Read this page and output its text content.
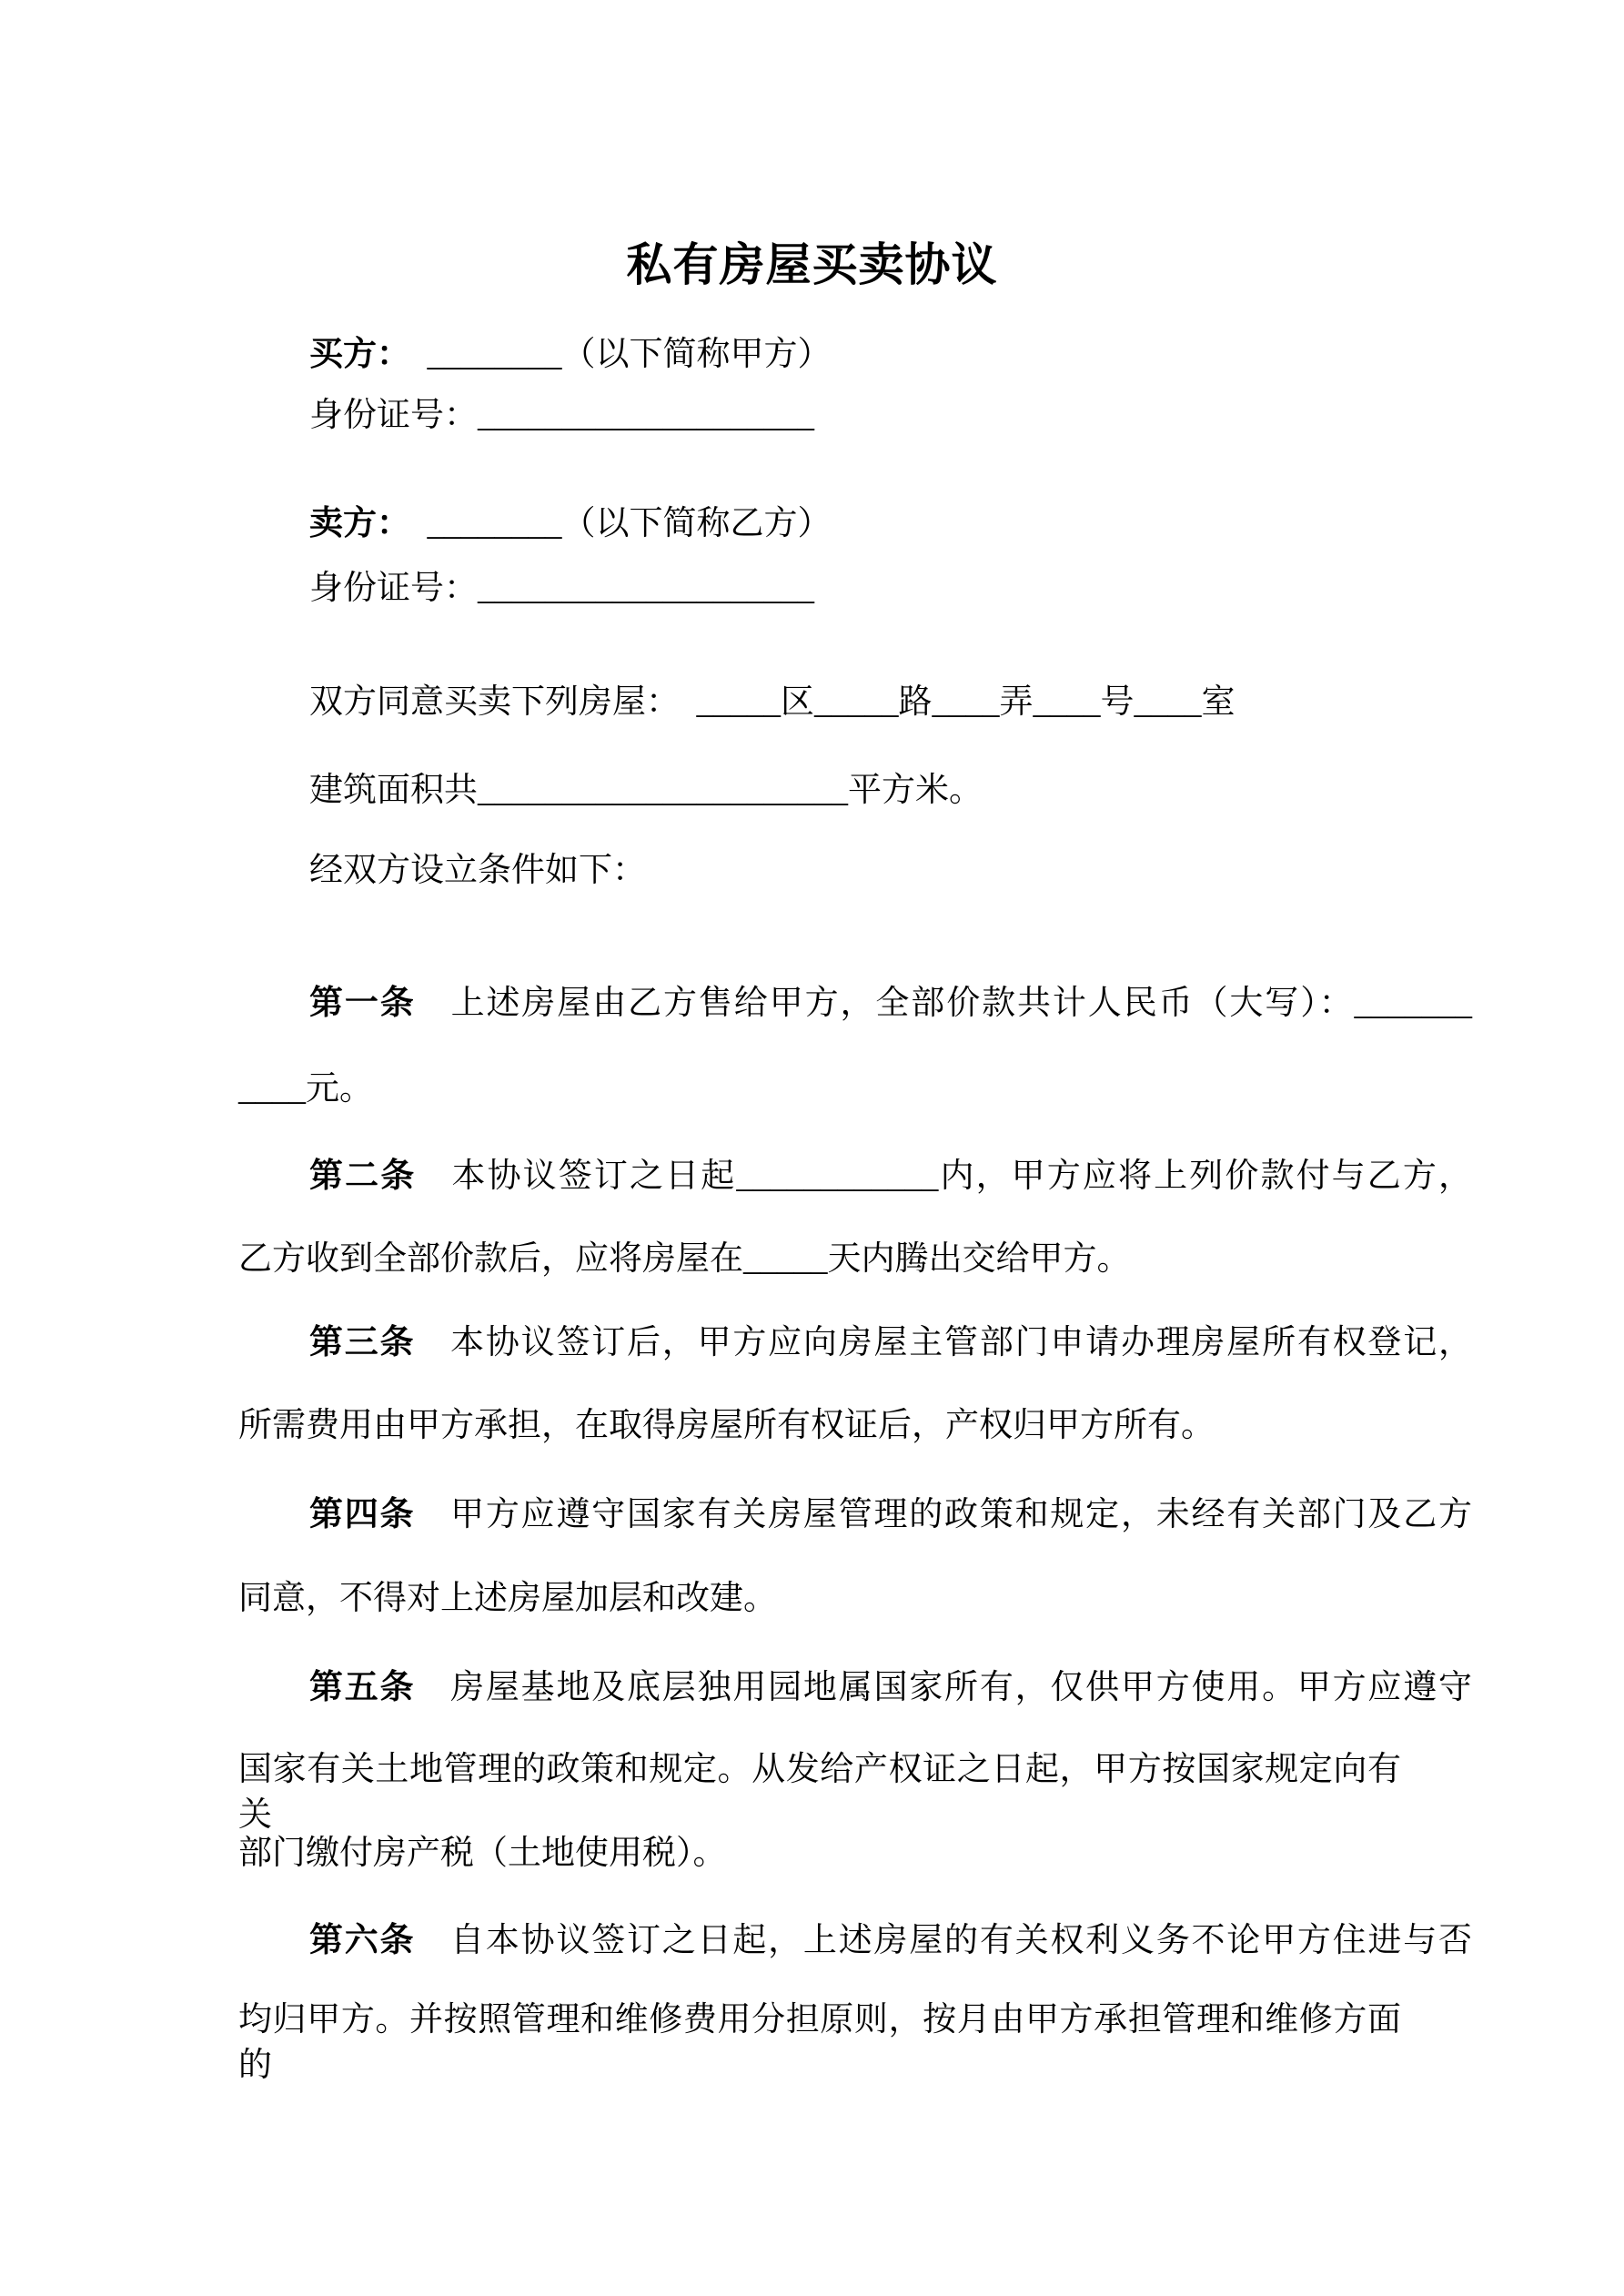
私有房屋买卖协议
买方：　________（以下简称甲方）
身份证号：____________________
卖方：　________（以下简称乙方）
身份证号：____________________
双方同意买卖下列房屋：　_____区_____路____弄____号____室
建筑面积共______________________平方米。
经双方设立条件如下：
第一条　上述房屋由乙方售给甲方，全部价款共计人民币（大写）：_______
____元。
第二条　本协议签订之日起____________内，甲方应将上列价款付与乙方，
乙方收到全部价款后，应将房屋在_____天内腾出交给甲方。
第三条　本协议签订后，甲方应向房屋主管部门申请办理房屋所有权登记，
所需费用由甲方承担，在取得房屋所有权证后，产权归甲方所有。
第四条　甲方应遵守国家有关房屋管理的政策和规定，未经有关部门及乙方
同意，不得对上述房屋加层和改建。
第五条　房屋基地及底层独用园地属国家所有，仅供甲方使用。甲方应遵守
国家有关土地管理的政策和规定。从发给产权证之日起，甲方按国家规定向有关
部门缴付房产税（土地使用税）。
第六条　自本协议签订之日起，上述房屋的有关权利义务不论甲方住进与否
均归甲方。并按照管理和维修费用分担原则，按月由甲方承担管理和维修方面的
